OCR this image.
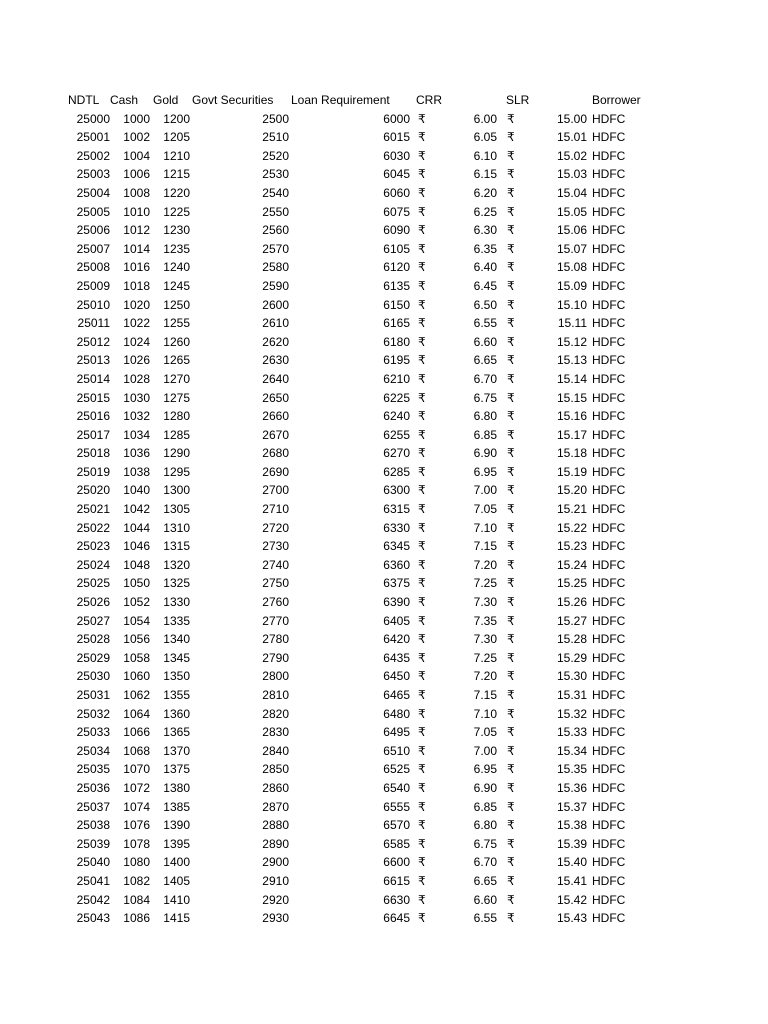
NDTL Cash Gold Govt Securities Loan Requirement CRR	SLR	Borrower
25000	1000	1200	2500	6000 ₹	6.00 ₹	15.00 HDFC
25001	1002	1205	2510	6015 ₹	6.05 ₹	15.01 HDFC
25002	1004	1210	2520	6030 ₹	6.10 ₹	15.02 HDFC
25003	1006	1215	2530	6045 ₹	6.15 ₹	15.03 HDFC
25004	1008	1220	2540	6060 ₹	6.20 ₹	15.04 HDFC
25005	1010	1225	2550	6075 ₹	6.25 ₹	15.05 HDFC
25006	1012	1230	2560	6090 ₹	6.30 ₹	15.06 HDFC
25007	1014	1235	2570	6105 ₹	6.35 ₹	15.07 HDFC
25008	1016	1240	2580	6120 ₹	6.40 ₹	15.08 HDFC
25009	1018	1245	2590	6135 ₹	6.45 ₹	15.09 HDFC
25010	1020	1250	2600	6150 ₹	6.50 ₹	15.10 HDFC
25011	1022	1255	2610	6165 ₹	6.55 ₹	15.11 HDFC
25012	1024	1260	2620	6180 ₹	6.60 ₹	15.12 HDFC
25013	1026	1265	2630	6195 ₹	6.65 ₹	15.13 HDFC
25014	1028	1270	2640	6210 ₹	6.70 ₹	15.14 HDFC
25015	1030	1275	2650	6225 ₹	6.75 ₹	15.15 HDFC
25016	1032	1280	2660	6240 ₹	6.80 ₹	15.16 HDFC
25017	1034	1285	2670	6255 ₹	6.85 ₹	15.17 HDFC
25018	1036	1290	2680	6270 ₹	6.90 ₹	15.18 HDFC
25019	1038	1295	2690	6285 ₹	6.95 ₹	15.19 HDFC
25020	1040	1300	2700	6300 ₹	7.00 ₹	15.20 HDFC
25021	1042	1305	2710	6315 ₹	7.05 ₹	15.21 HDFC
25022	1044	1310	2720	6330 ₹	7.10 ₹	15.22 HDFC
25023	1046	1315	2730	6345 ₹	7.15 ₹	15.23 HDFC
25024	1048	1320	2740	6360 ₹	7.20 ₹	15.24 HDFC
25025	1050	1325	2750	6375 ₹	7.25 ₹	15.25 HDFC
25026	1052	1330	2760	6390 ₹	7.30 ₹	15.26 HDFC
25027	1054	1335	2770	6405 ₹	7.35 ₹	15.27 HDFC
25028	1056	1340	2780	6420 ₹	7.30 ₹	15.28 HDFC
25029	1058	1345	2790	6435 ₹	7.25 ₹	15.29 HDFC
25030	1060	1350	2800	6450 ₹	7.20 ₹	15.30 HDFC
25031	1062	1355	2810	6465 ₹	7.15 ₹	15.31 HDFC
25032	1064	1360	2820	6480 ₹	7.10 ₹	15.32 HDFC
25033	1066	1365	2830	6495 ₹	7.05 ₹	15.33 HDFC
25034	1068	1370	2840	6510 ₹	7.00 ₹	15.34 HDFC
25035	1070	1375	2850	6525 ₹	6.95 ₹	15.35 HDFC
25036	1072	1380	2860	6540 ₹	6.90 ₹	15.36 HDFC
25037	1074	1385	2870	6555 ₹	6.85 ₹	15.37 HDFC
25038	1076	1390	2880	6570 ₹	6.80 ₹	15.38 HDFC
25039	1078	1395	2890	6585 ₹	6.75 ₹	15.39 HDFC
25040	1080	1400	2900	6600 ₹	6.70 ₹	15.40 HDFC
25041	1082	1405	2910	6615 ₹	6.65 ₹	15.41 HDFC
25042	1084	1410	2920	6630 ₹	6.60 ₹	15.42 HDFC
25043	1086	1415	2930	6645 ₹	6.55 ₹	15.43 HDFC
